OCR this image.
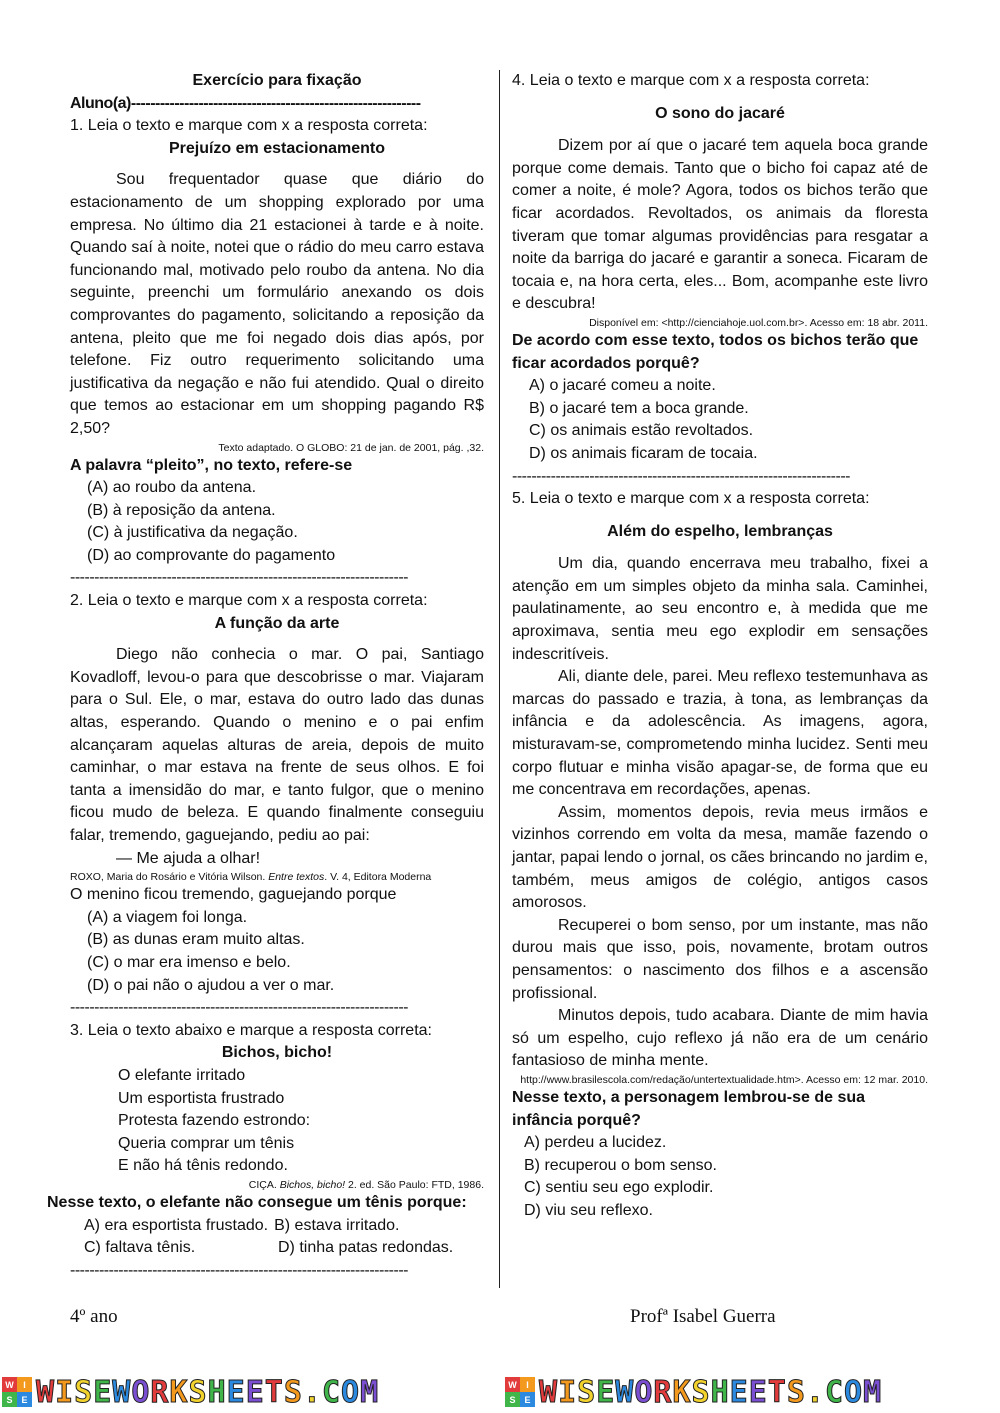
Exercício para fixação

Aluno(a)------------------------------------------------------------

1. Leia o texto e marque com x a resposta correta:

Prejuízo em estacionamento

Sou frequentador quase que diário do estacionamento de um shopping explorado por uma empresa. No último dia 21 estacionei à tarde e à noite. Quando saí à noite, notei que o rádio do meu carro estava funcionando mal, motivado pelo roubo da antena. No dia seguinte, preenchi um formulário anexando os dois comprovantes do pagamento, solicitando a reposição da antena, pleito que me foi negado dois dias após, por telefone. Fiz outro requerimento solicitando uma justificativa da negação e não fui atendido. Qual o direito que temos ao estacionar em um shopping pagando R$ 2,50?

Texto adaptado. O GLOBO: 21 de jan. de 2001, pág. ,32.

A palavra “pleito”, no texto, refere-se

(A) ao roubo da antena.

(B) à reposição da antena.

(C) à justificativa da negação.

(D) ao comprovante do pagamento

----------------------------------------------------------------------

2. Leia o texto e marque com x a resposta correta:

A função da arte

Diego não conhecia o mar. O pai, Santiago Kovadloff, levou-o para que descobrisse o mar. Viajaram para o Sul. Ele, o mar, estava do outro lado das dunas altas, esperando. Quando o menino e o pai enfim alcançaram aquelas alturas de areia, depois de muito caminhar, o mar estava na frente de seus olhos. E foi tanta a imensidão do mar, e tanto fulgor, que o menino ficou mudo de beleza. E quando finalmente conseguiu falar, tremendo, gaguejando, pediu ao pai:

— Me ajuda a olhar!

ROXO, Maria do Rosário e Vitória Wilson. Entre textos. V. 4, Editora Moderna

O menino ficou tremendo, gaguejando porque

(A) a viagem foi longa.

(B) as dunas eram muito altas.

(C) o mar era imenso e belo.

(D) o pai não o ajudou a ver o mar.

----------------------------------------------------------------------

3. Leia o texto abaixo e marque a resposta correta:

Bichos, bicho!

O elefante irritado

Um esportista frustrado

Protesta fazendo estrondo:

Queria comprar um tênis

E não há tênis redondo.

CIÇA. Bichos, bicho! 2. ed. São Paulo: FTD, 1986.

Nesse texto, o elefante não consegue um tênis porque:

A) era esportista frustado. B) estava irritado.
C) faltava tênis.	D) tinha patas redondas.

----------------------------------------------------------------------

4. Leia o texto e marque com x a resposta correta:

O sono do jacaré

Dizem por aí que o jacaré tem aquela boca grande porque come demais. Tanto que o bicho foi capaz até de comer a noite, é mole? Agora, todos os bichos terão que ficar acordados. Revoltados, os animais da floresta tiveram que tomar algumas providências para resgatar a noite da barriga do jacaré e garantir a soneca. Ficaram de tocaia e, na hora certa, eles... Bom, acompanhe este livro e descubra!

Disponível em: <http://cienciahoje.uol.com.br>. Acesso em: 18 abr. 2011.

De acordo com esse texto, todos os bichos terão que ficar acordados porquê?

A) o jacaré comeu a noite.

B) o jacaré tem a boca grande.

C) os animais estão revoltados.

D) os animais ficaram de tocaia.

----------------------------------------------------------------------

5. Leia o texto e marque com x a resposta correta:

Além do espelho, lembranças

Um dia, quando encerrava meu trabalho, fixei a atenção em um simples objeto da minha sala. Caminhei, paulatinamente, ao seu encontro e, à medida que me aproximava, sentia meu ego explodir em sensações indescritíveis.

Ali, diante dele, parei. Meu reflexo testemunhava as marcas do passado e trazia, à tona, as lembranças da infância e da adolescência. As imagens, agora, misturavam-se, comprometendo minha lucidez. Senti meu corpo flutuar e minha visão apagar-se, de forma que eu me concentrava em recordações, apenas.

Assim, momentos depois, revia meus irmãos e vizinhos correndo em volta da mesa, mamãe fazendo o jantar, papai lendo o jornal, os cães brincando no jardim e, também, meus amigos de colégio, antigos casos amorosos.

Recuperei o bom senso, por um instante, mas não durou mais que isso, pois, novamente, brotam outros pensamentos: o nascimento dos filhos e a ascensão profissional.

Minutos depois, tudo acabara. Diante de mim havia só um espelho, cujo reflexo já não era de um cenário fantasioso de minha mente.

http://www.brasilescola.com/redação/untertextualidade.htm>. Acesso em: 12 mar. 2010.

Nesse texto, a personagem lembrou-se de sua infância porquê?

A) perdeu a lucidez.

B) recuperou o bom senso.

C) sentiu seu ego explodir.

D) viu seu reflexo.

4º ano	Profª Isabel Guerra
W	I
S E WISEWORKSHEETS.COM	W	I
S E WISEWORKSHEETS.COM
